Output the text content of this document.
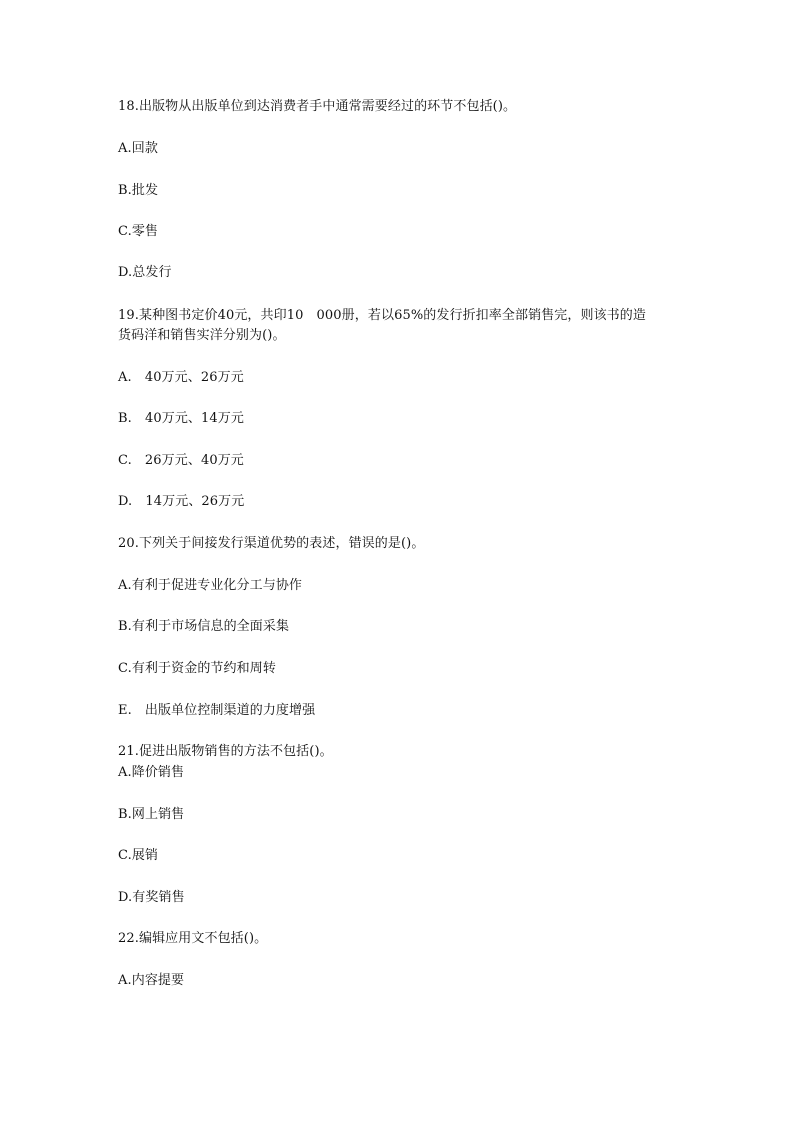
18.出版物从出版单位到达消费者手中通常需要经过的环节不包括()。
A.回款
B.批发
C.零售
D.总发行
19.某种图书定价40元，共印10　000册，若以65%的发行折扣率全部销售完，则该书的造
货码洋和销售实洋分别为()。
A.　40万元、26万元
B.　40万元、14万元
C.　26万元、40万元
D.　14万元、26万元
20.下列关于间接发行渠道优势的表述，错误的是()。
A.有利于促进专业化分工与协作
B.有利于市场信息的全面采集
C.有利于资金的节约和周转
E.　出版单位控制渠道的力度增强
21.促进出版物销售的方法不包括()。
A.降价销售
B.网上销售
C.展销
D.有奖销售
22.编辑应用文不包括()。
A.内容提要
